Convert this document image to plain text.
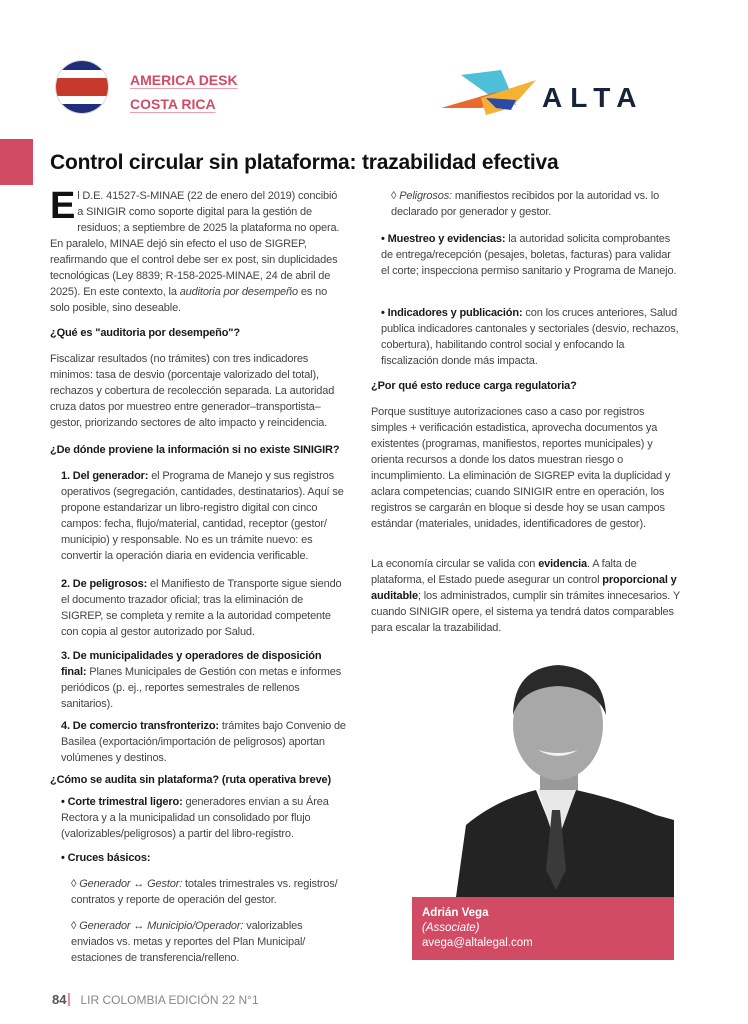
AMERICA DESK
COSTA RICA	ALTA
Control circular sin plataforma: trazabilidad efectiva

El D.E. 41527-S-MINAE (22 de enero del 2019) concibió a SINIGIR como soporte digital para la gestión de residuos; a septiembre de 2025 la plataforma no opera. En paralelo, MINAE dejó sin efecto el uso de SIGREP, reafirmando que el control debe ser ex post, sin duplicidades tecnológicas (Ley 8839; R-158-2025-MINAE, 24 de abril de 2025). En este contexto, la auditoria por desempeño es no solo posible, sino deseable.

¿Qué es "auditoria por desempeño"?

Fiscalizar resultados (no trámites) con tres indicadores minimos: tasa de desvio (porcentaje valorizado del total), rechazos y cobertura de recolección separada. La autoridad cruza datos por muestreo entre generador–transportista–gestor, priorizando sectores de alto impacto y reincidencia.

¿De dónde proviene la información si no existe SINIGIR?

1. Del generador: el Programa de Manejo y sus registros operativos (segregación, cantidades, destinatarios). Aquí se propone estandarizar un libro-registro digital con cinco campos: fecha, flujo/material, cantidad, receptor (gestor/ municipio) y responsable. No es un trámite nuevo: es convertir la operación diaria en evidencia verificable.

2. De peligrosos: el Manifiesto de Transporte sigue siendo el documento trazador oficial; tras la eliminación de SIGREP, se completa y remite a la autoridad competente con copia al gestor autorizado por Salud.

3. De municipalidades y operadores de disposición final: Planes Municipales de Gestión con metas e informes periódicos (p. ej., reportes semestrales de rellenos sanitarios).

4. De comercio transfronterizo: trámites bajo Convenio de Basilea (exportación/importación de peligrosos) aportan volúmenes y destinos.

¿Cómo se audita sin plataforma? (ruta operativa breve)

• Corte trimestral ligero: generadores envian a su Área Rectora y a la municipalidad un consolidado por flujo (valorizables/peligrosos) a partir del libro-registro.

• Cruces básicos:

◊ Generador ↔ Gestor: totales trimestrales vs. registros/ contratos y reporte de operación del gestor.

◊ Generador ↔ Municipio/Operador: valorizables enviados vs. metas y reportes del Plan Municipal/ estaciones de transferencia/relleno.

◊ Peligrosos: manifiestos recibidos por la autoridad vs. lo declarado por generador y gestor.

• Muestreo y evidencias: la autoridad solicita comprobantes de entrega/recepción (pesajes, boletas, facturas) para validar el corte; inspecciona permiso sanitario y Programa de Manejo.

• Indicadores y publicación: con los cruces anteriores, Salud publica indicadores cantonales y sectoriales (desvio, rechazos, cobertura), habilitando control social y enfocando la fiscalización donde más impacta.

¿Por qué esto reduce carga regulatoria?

Porque sustituye autorizaciones caso a caso por registros simples + verificación estadistica, aprovecha documentos ya existentes (programas, manifiestos, reportes municipales) y orienta recursos a donde los datos muestran riesgo o incumplimiento. La eliminación de SIGREP evita la duplicidad y aclara competencias; cuando SINIGIR entre en operación, los registros se cargarán en bloque si desde hoy se usan campos estándar (materiales, unidades, identificadores de gestor).

La economía circular se valida con evidencia. A falta de plataforma, el Estado puede asegurar un control proporcional y auditable; los administrados, cumplir sin trámites innecesarios. Y cuando SINIGIR opere, el sistema ya tendrá datos comparables para escalar la trazabilidad.

Adrián Vega
(Associate)
avega@altalegal.com
84 LIR COLOMBIA EDICIÓN 22 N°1
